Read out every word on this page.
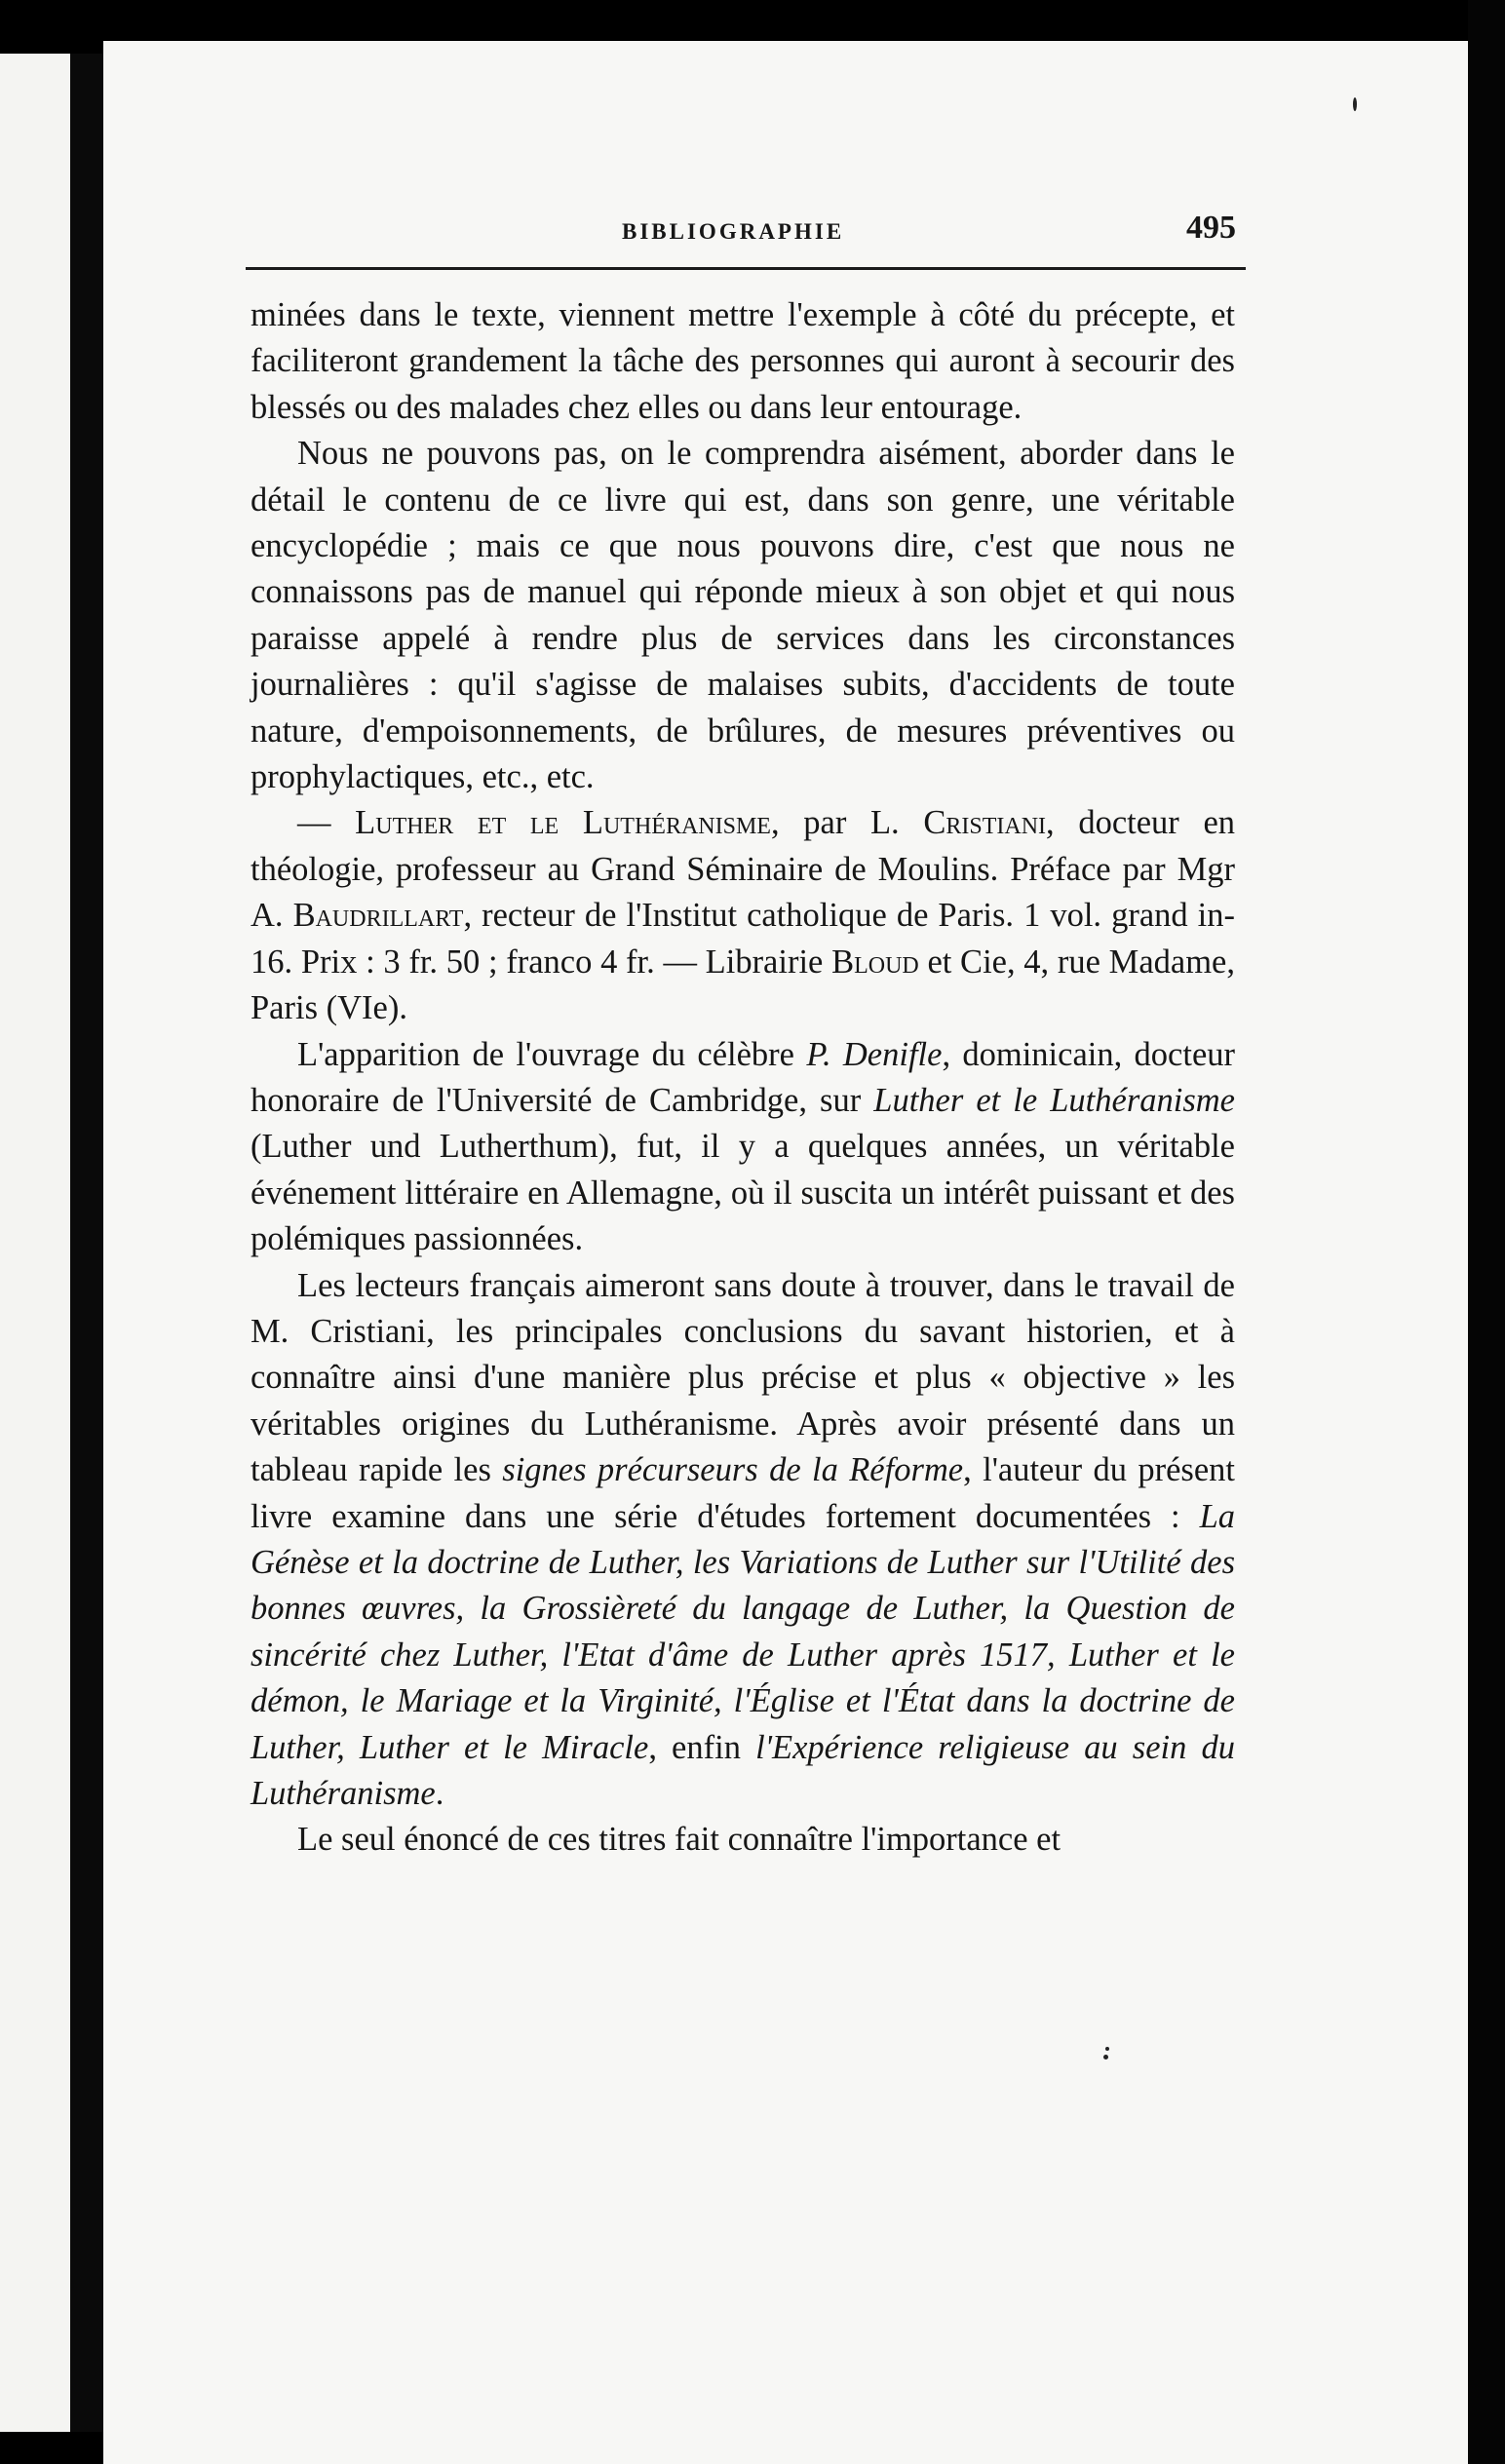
BIBLIOGRAPHIE	495

minées dans le texte, viennent mettre l'exemple à côté du précepte, et faciliteront grandement la tâche des personnes qui auront à secourir des blessés ou des malades chez elles ou dans leur entourage.

Nous ne pouvons pas, on le comprendra aisément, aborder dans le détail le contenu de ce livre qui est, dans son genre, une véritable encyclopédie ; mais ce que nous pouvons dire, c'est que nous ne connaissons pas de manuel qui réponde mieux à son objet et qui nous paraisse appelé à rendre plus de services dans les circonstances journalières : qu'il s'agisse de malaises subits, d'accidents de toute nature, d'empoisonnements, de brûlures, de mesures préventives ou prophylactiques, etc., etc.

— Luther et le Luthéranisme, par L. Cristiani, docteur en théologie, professeur au Grand Séminaire de Moulins. Préface par Mgr A. Baudrillart, recteur de l'Institut catholique de Paris. 1 vol. grand in-16. Prix : 3 fr. 50 ; franco 4 fr. — Librairie Bloud et Cie, 4, rue Madame, Paris (VIe).

L'apparition de l'ouvrage du célèbre P. Denifle, dominicain, docteur honoraire de l'Université de Cambridge, sur Luther et le Luthéranisme (Luther und Lutherthum), fut, il y a quelques années, un véritable événement littéraire en Allemagne, où il suscita un intérêt puissant et des polémiques passionnées.

Les lecteurs français aimeront sans doute à trouver, dans le travail de M. Cristiani, les principales conclusions du savant historien, et à connaître ainsi d'une manière plus précise et plus « objective » les véritables origines du Luthéranisme. Après avoir présenté dans un tableau rapide les signes précurseurs de la Réforme, l'auteur du présent livre examine dans une série d'études fortement documentées : La Génèse et la doctrine de Luther, les Variations de Luther sur l'Utilité des bonnes œuvres, la Grossièreté du langage de Luther, la Question de sincérité chez Luther, l'Etat d'âme de Luther après 1517, Luther et le démon, le Mariage et la Virginité, l'Église et l'État dans la doctrine de Luther, Luther et le Miracle, enfin l'Expérience religieuse au sein du Luthéranisme.

Le seul énoncé de ces titres fait connaître l'importance et
